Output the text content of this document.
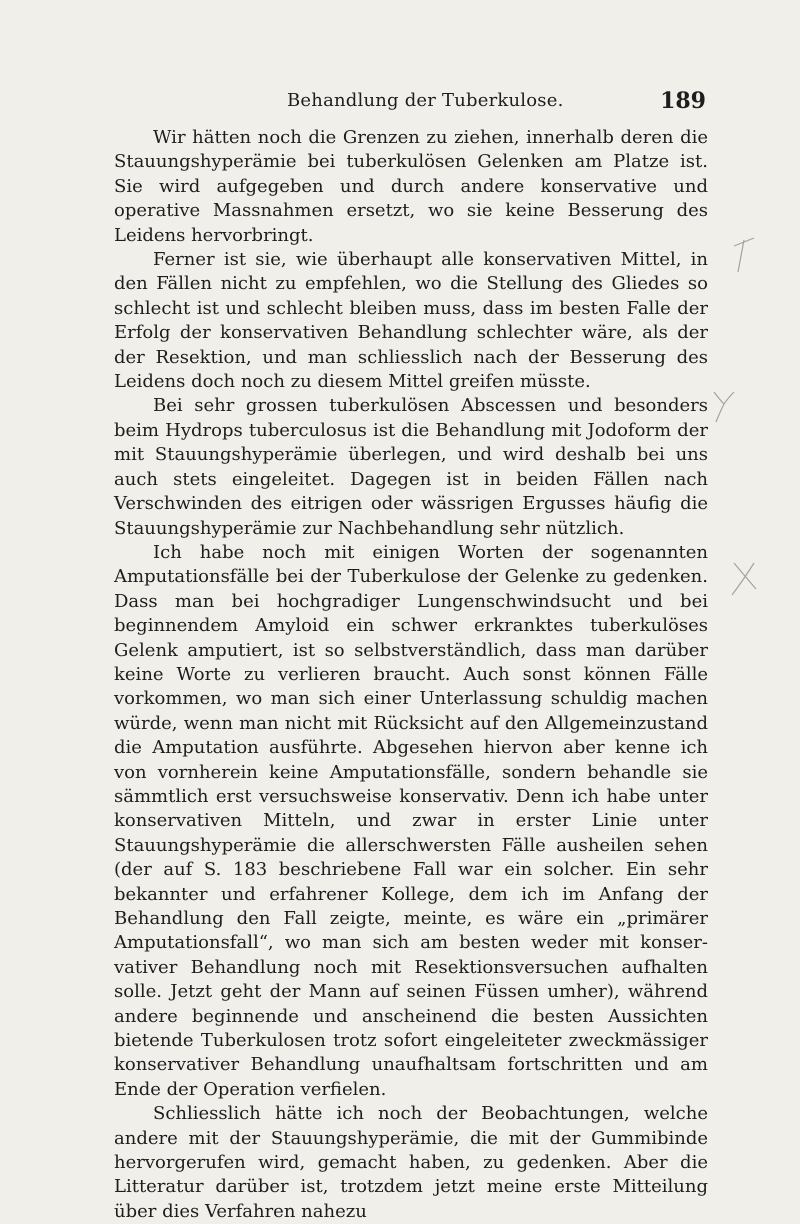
Behandlung der Tuberkulose.	189

Wir hätten noch die Grenzen zu ziehen, innerhalb deren die Stauungshyperämie bei tuberkulösen Gelenken am Platze ist. Sie wird aufgegeben und durch andere konservative und operative Massnahmen ersetzt, wo sie keine Besserung des Leidens hervorbringt.

Ferner ist sie, wie überhaupt alle konservativen Mittel, in den Fällen nicht zu empfehlen, wo die Stellung des Gliedes so schlecht ist und schlecht bleiben muss, dass im besten Falle der Erfolg der konservativen Behandlung schlechter wäre, als der der Resektion, und man schliesslich nach der Besserung des Leidens doch noch zu diesem Mittel greifen müsste.

Bei sehr grossen tuberkulösen Abscessen und besonders beim Hydrops tuberculosus ist die Behandlung mit Jodoform der mit Stauungshyperämie überlegen, und wird deshalb bei uns auch stets eingeleitet. Dagegen ist in beiden Fällen nach Verschwinden des eitrigen oder wässrigen Ergusses häufig die Stauungshyperämie zur Nachbehandlung sehr nützlich.

Ich habe noch mit einigen Worten der sogenannten Amputationsfälle bei der Tuberkulose der Gelenke zu gedenken. Dass man bei hochgradiger Lungenschwindsucht und bei beginnendem Amyloid ein schwer erkranktes tuberkulöses Gelenk amputiert, ist so selbstverständlich, dass man darüber keine Worte zu verlieren braucht. Auch sonst können Fälle vorkommen, wo man sich einer Unterlassung schuldig machen würde, wenn man nicht mit Rücksicht auf den Allgemeinzustand die Amputation ausführte. Abgesehen hiervon aber kenne ich von vornherein keine Amputationsfälle, sondern behandle sie sämmtlich erst versuchsweise konservativ. Denn ich habe unter konservativen Mitteln, und zwar in erster Linie unter Stauungshyperämie die allerschwersten Fälle ausheilen sehen (der auf S. 183 beschriebene Fall war ein solcher. Ein sehr bekannter und erfahrener Kollege, dem ich im Anfang der Behandlung den Fall zeigte, meinte, es wäre ein „primärer Amputationsfall“, wo man sich am besten weder mit konservativer Behandlung noch mit Resektionsversuchen aufhalten solle. Jetzt geht der Mann auf seinen Füssen umher), während andere beginnende und anscheinend die besten Aussichten bietende Tuberkulosen trotz sofort eingeleiteter zweckmässiger konservativer Behandlung unaufhaltsam fortschritten und am Ende der Operation verfielen.

Schliesslich hätte ich noch der Beobachtungen, welche andere mit der Stauungshyperämie, die mit der Gummibinde hervorgerufen wird, gemacht haben, zu gedenken. Aber die Litteratur darüber ist, trotzdem jetzt meine erste Mitteilung über dies Verfahren nahezu
